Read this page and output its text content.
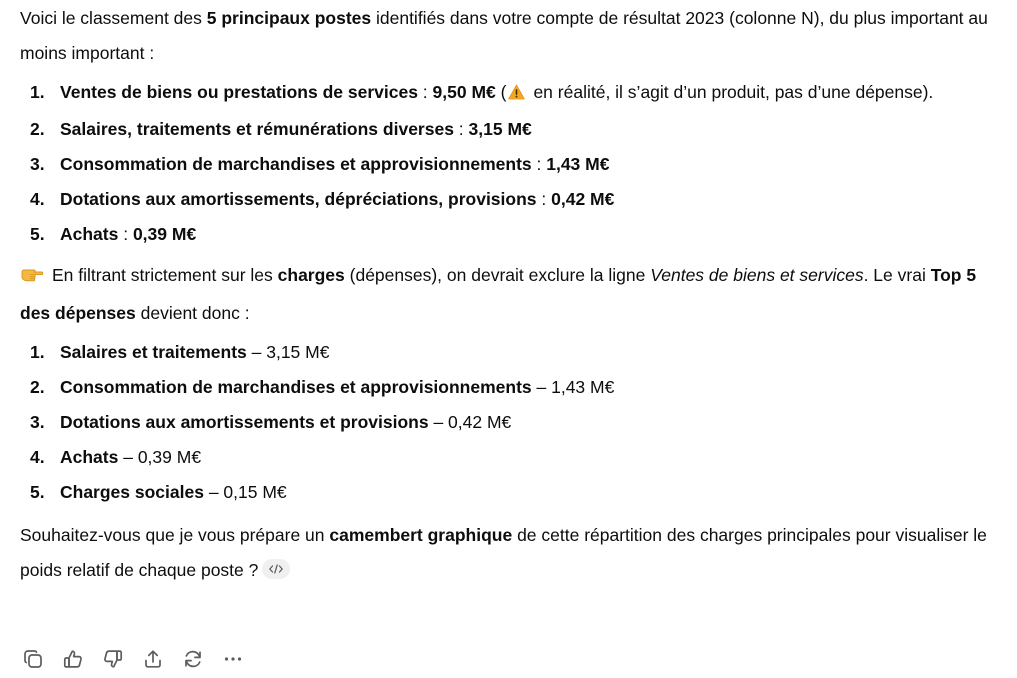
Voici le classement des 5 principaux postes identifiés dans votre compte de résultat 2023 (colonne N), du plus important au moins important :

1. Ventes de biens ou prestations de services : 9,50 M€ ( en réalité, il s’agit d’un produit, pas d’une dépense).
2. Salaires, traitements et rémunérations diverses : 3,15 M€
3. Consommation de marchandises et approvisionnements : 1,43 M€
4. Dotations aux amortissements, dépréciations, provisions : 0,42 M€
5. Achats : 0,39 M€

En filtrant strictement sur les charges (dépenses), on devrait exclure la ligne Ventes de biens et services. Le vrai Top 5 des dépenses devient donc :

1. Salaires et traitements – 3,15 M€
2. Consommation de marchandises et approvisionnements – 1,43 M€
3. Dotations aux amortissements et provisions – 0,42 M€
4. Achats – 0,39 M€
5. Charges sociales – 0,15 M€

Souhaitez-vous que je vous prépare un camembert graphique de cette répartition des charges principales pour visualiser le poids relatif de chaque poste ?
